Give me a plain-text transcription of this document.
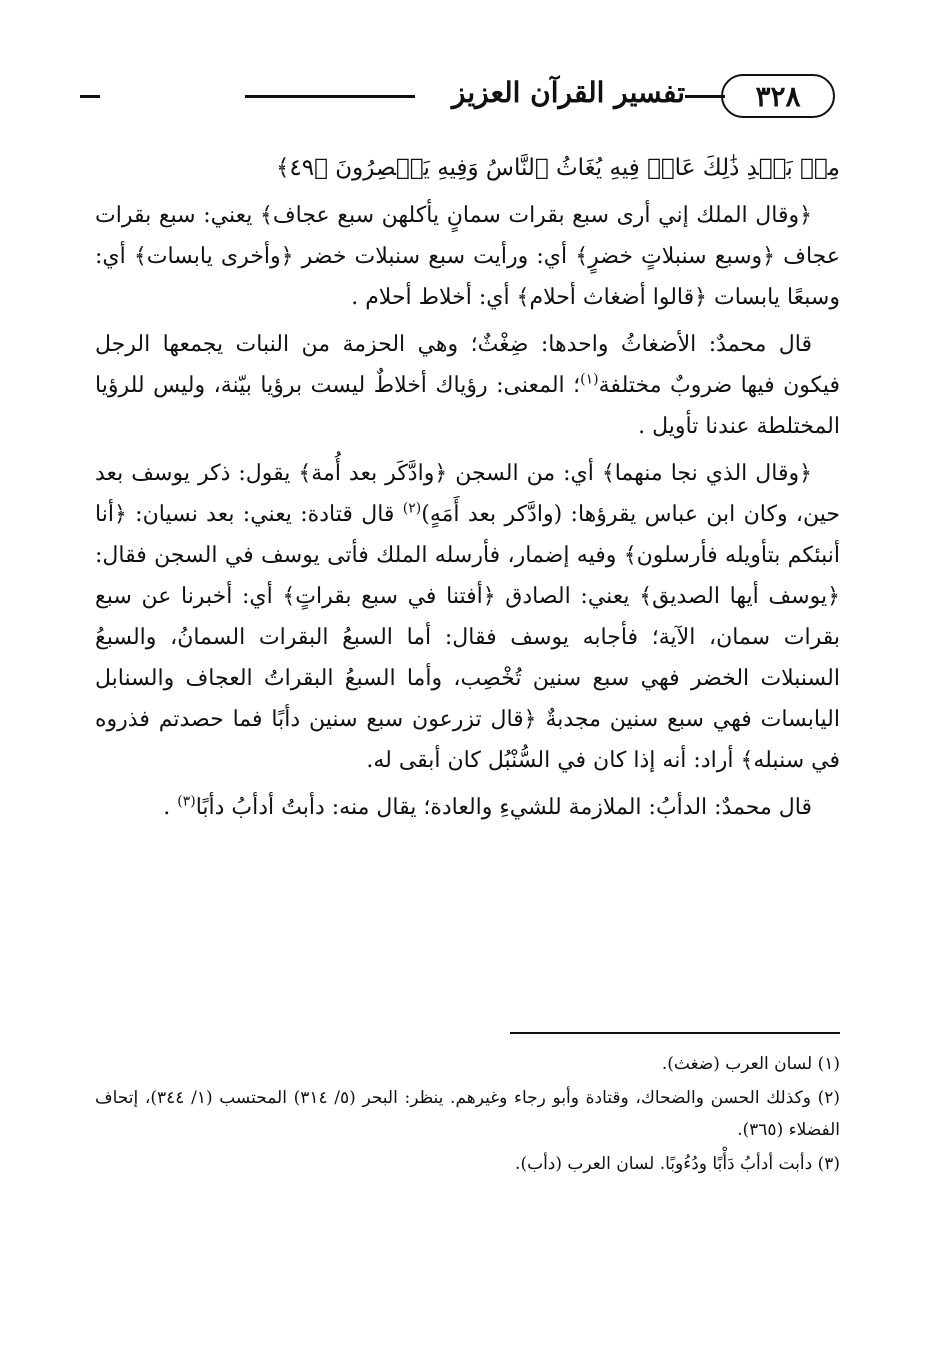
٣٢٨
تفسير القرآن العزيز

مِنۢ بَعۡدِ ذَٰلِكَ عَامٞ فِيهِ يُغَاثُ ٱلنَّاسُ وَفِيهِ يَعۡصِرُونَ ﴿٤٩﴾

﴿وقال الملك إني أرى سبع بقرات سمانٍ يأكلهن سبع عجاف﴾ يعني: سبع بقرات عجاف ﴿وسبع سنبلاتٍ خضرٍ﴾ أي: ورأيت سبع سنبلات خضر ﴿وأخرى يابسات﴾ أي: وسبعًا يابسات ﴿قالوا أضغاث أحلام﴾ أي: أخلاط أحلام .

قال محمدٌ: الأضغاثُ واحدها: ضِغْثٌ؛ وهي الحزمة من النبات يجمعها الرجل فيكون فيها ضروبٌ مختلفة$^{(١)}$؛ المعنى: رؤياك أخلاطٌ ليست برؤيا بيّنة، وليس للرؤيا المختلطة عندنا تأويل .

﴿وقال الذي نجا منهما﴾ أي: من السجن ﴿وادَّكَر بعد أُمة﴾ يقول: ذكر يوسف بعد حين، وكان ابن عباس يقرؤها: (وادَّكر بعد أَمَهٍ)$^{(٢)}$ قال قتادة: يعني: بعد نسيان: ﴿أنا أنبئكم بتأويله فأرسلون﴾ وفيه إضمار، فأرسله الملك فأتى يوسف في السجن فقال: ﴿يوسف أيها الصديق﴾ يعني: الصادق ﴿أفتنا في سبع بقراتٍ﴾ أي: أخبرنا عن سبع بقرات سمان، الآية؛ فأجابه يوسف فقال: أما السبعُ البقرات السمانُ، والسبعُ السنبلات الخضر فهي سبع سنين تُخْصِب، وأما السبعُ البقراتُ العجاف والسنابل اليابسات فهي سبع سنين مجدبةٌ ﴿قال تزرعون سبع سنين دأبًا فما حصدتم فذروه في سنبله﴾ أراد: أنه إذا كان في السُّنْبُل كان أبقى له.

قال محمدٌ: الدأبُ: الملازمة للشيءِ والعادة؛ يقال منه: دأبتُ أدأبُ دأبًا$^{(٣)}$ .

(١) لسان العرب (ضغث).

(٢) وكذلك الحسن والضحاك، وقتادة وأبو رجاء وغيرهم. ينظر: البحر (٥/ ٣١٤) المحتسب (١/ ٣٤٤)، إتحاف الفضلاء (٣٦٥).

(٣) دأبت أدأبُ دَأْبًا ودُءُوبًا. لسان العرب (دأب).
